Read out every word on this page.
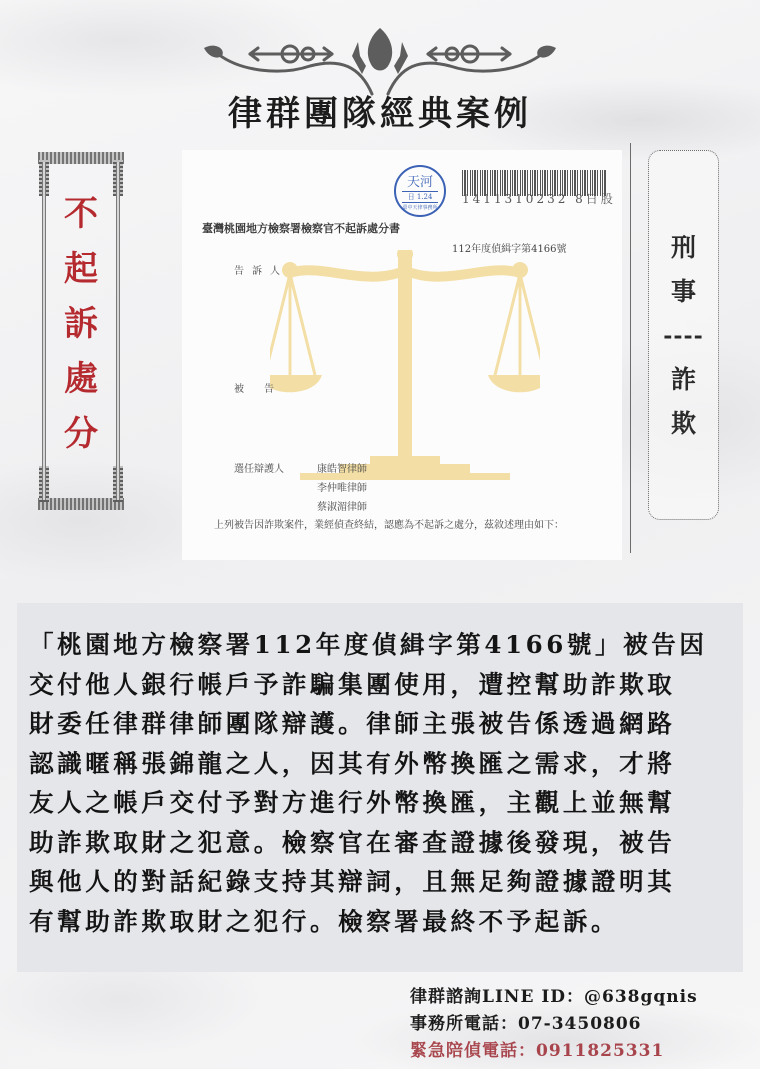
律群團隊經典案例
不
起
訴
處
分
天河
日 1.24
臺中天律事務所
1411310232 8日股
臺灣桃園地方檢察署檢察官不起訴處分書
112年度偵緝字第4166號
告訴人
被告
選任辯護人	康皓智律師
李仲唯律師
蔡淑湄律師
上列被告因詐欺案件，業經偵查終結，認應為不起訴之處分，茲敘述理由如下：
刑
事
----
詐
欺

「桃園地方檢察署112年度偵緝字第4166號」被告因

交付他人銀行帳戶予詐騙集團使用，遭控幫助詐欺取

財委任律群律師團隊辯護。律師主張被告係透過網路

認識暱稱張錦龍之人，因其有外幣換匯之需求，才將

友人之帳戶交付予對方進行外幣換匯，主觀上並無幫

助詐欺取財之犯意。檢察官在審查證據後發現，被告

與他人的對話紀錄支持其辯詞，且無足夠證據證明其

有幫助詐欺取財之犯行。檢察署最終不予起訴。

律群諮詢LINE ID：@638gqnis
事務所電話：07-3450806
緊急陪偵電話：0911825331
